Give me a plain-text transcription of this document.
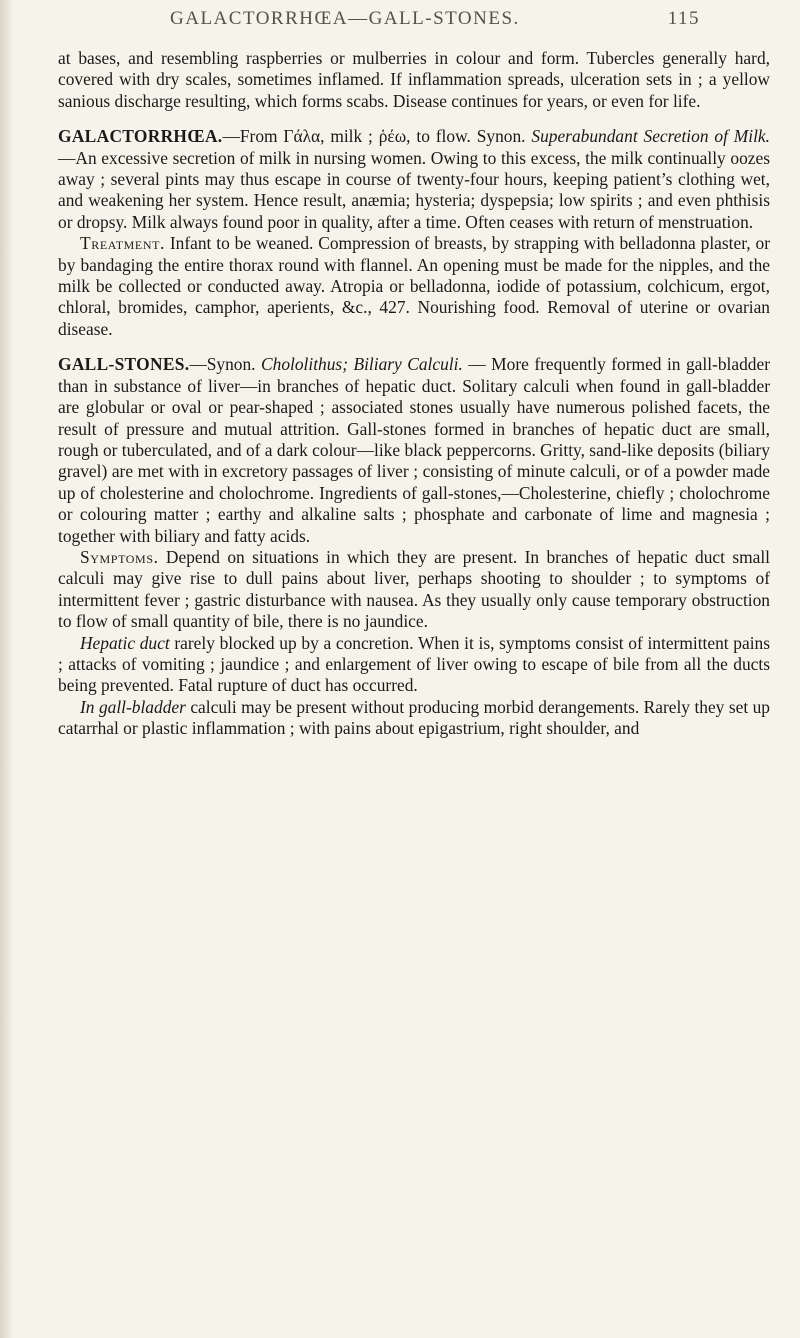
GALACTORRHŒA—GALL-STONES.	115

at bases, and resembling raspberries or mulberries in colour and form. Tubercles generally hard, covered with dry scales, sometimes inflamed. If inflammation spreads, ulceration sets in ; a yellow sanious discharge resulting, which forms scabs. Disease continues for years, or even for life.

GALACTORRHŒA.—From Γάλα, milk ; ῥέω, to flow. Synon. Superabundant Secretion of Milk.—An excessive secretion of milk in nursing women. Owing to this excess, the milk continually oozes away ; several pints may thus escape in course of twenty-four hours, keeping patient’s clothing wet, and weakening her system. Hence result, anæmia; hysteria; dyspepsia; low spirits ; and even phthisis or dropsy. Milk always found poor in quality, after a time. Often ceases with return of menstruation.

Treatment. Infant to be weaned. Compression of breasts, by strapping with belladonna plaster, or by bandaging the entire thorax round with flannel. An opening must be made for the nipples, and the milk be collected or conducted away. Atropia or belladonna, iodide of potassium, colchicum, ergot, chloral, bromides, camphor, aperients, &c., 427. Nourishing food. Removal of uterine or ovarian disease.

GALL-STONES.—Synon. Chololithus; Biliary Calculi. — More frequently formed in gall-bladder than in substance of liver—in branches of hepatic duct. Solitary calculi when found in gall-bladder are globular or oval or pear-shaped ; associated stones usually have numerous polished facets, the result of pressure and mutual attrition. Gall-stones formed in branches of hepatic duct are small, rough or tuberculated, and of a dark colour—like black peppercorns. Gritty, sand-like deposits (biliary gravel) are met with in excretory passages of liver ; consisting of minute calculi, or of a powder made up of cholesterine and cholochrome. Ingredients of gall-stones,—Cholesterine, chiefly ; cholochrome or colouring matter ; earthy and alkaline salts ; phosphate and carbonate of lime and magnesia ; together with biliary and fatty acids.

Symptoms. Depend on situations in which they are present. In branches of hepatic duct small calculi may give rise to dull pains about liver, perhaps shooting to shoulder ; to symptoms of intermittent fever ; gastric disturbance with nausea. As they usually only cause temporary obstruction to flow of small quantity of bile, there is no jaundice.

Hepatic duct rarely blocked up by a concretion. When it is, symptoms consist of intermittent pains ; attacks of vomiting ; jaundice ; and enlargement of liver owing to escape of bile from all the ducts being prevented. Fatal rupture of duct has occurred.

In gall-bladder calculi may be present without producing morbid derangements. Rarely they set up catarrhal or plastic inflammation ; with pains about epigastrium, right shoulder, and
